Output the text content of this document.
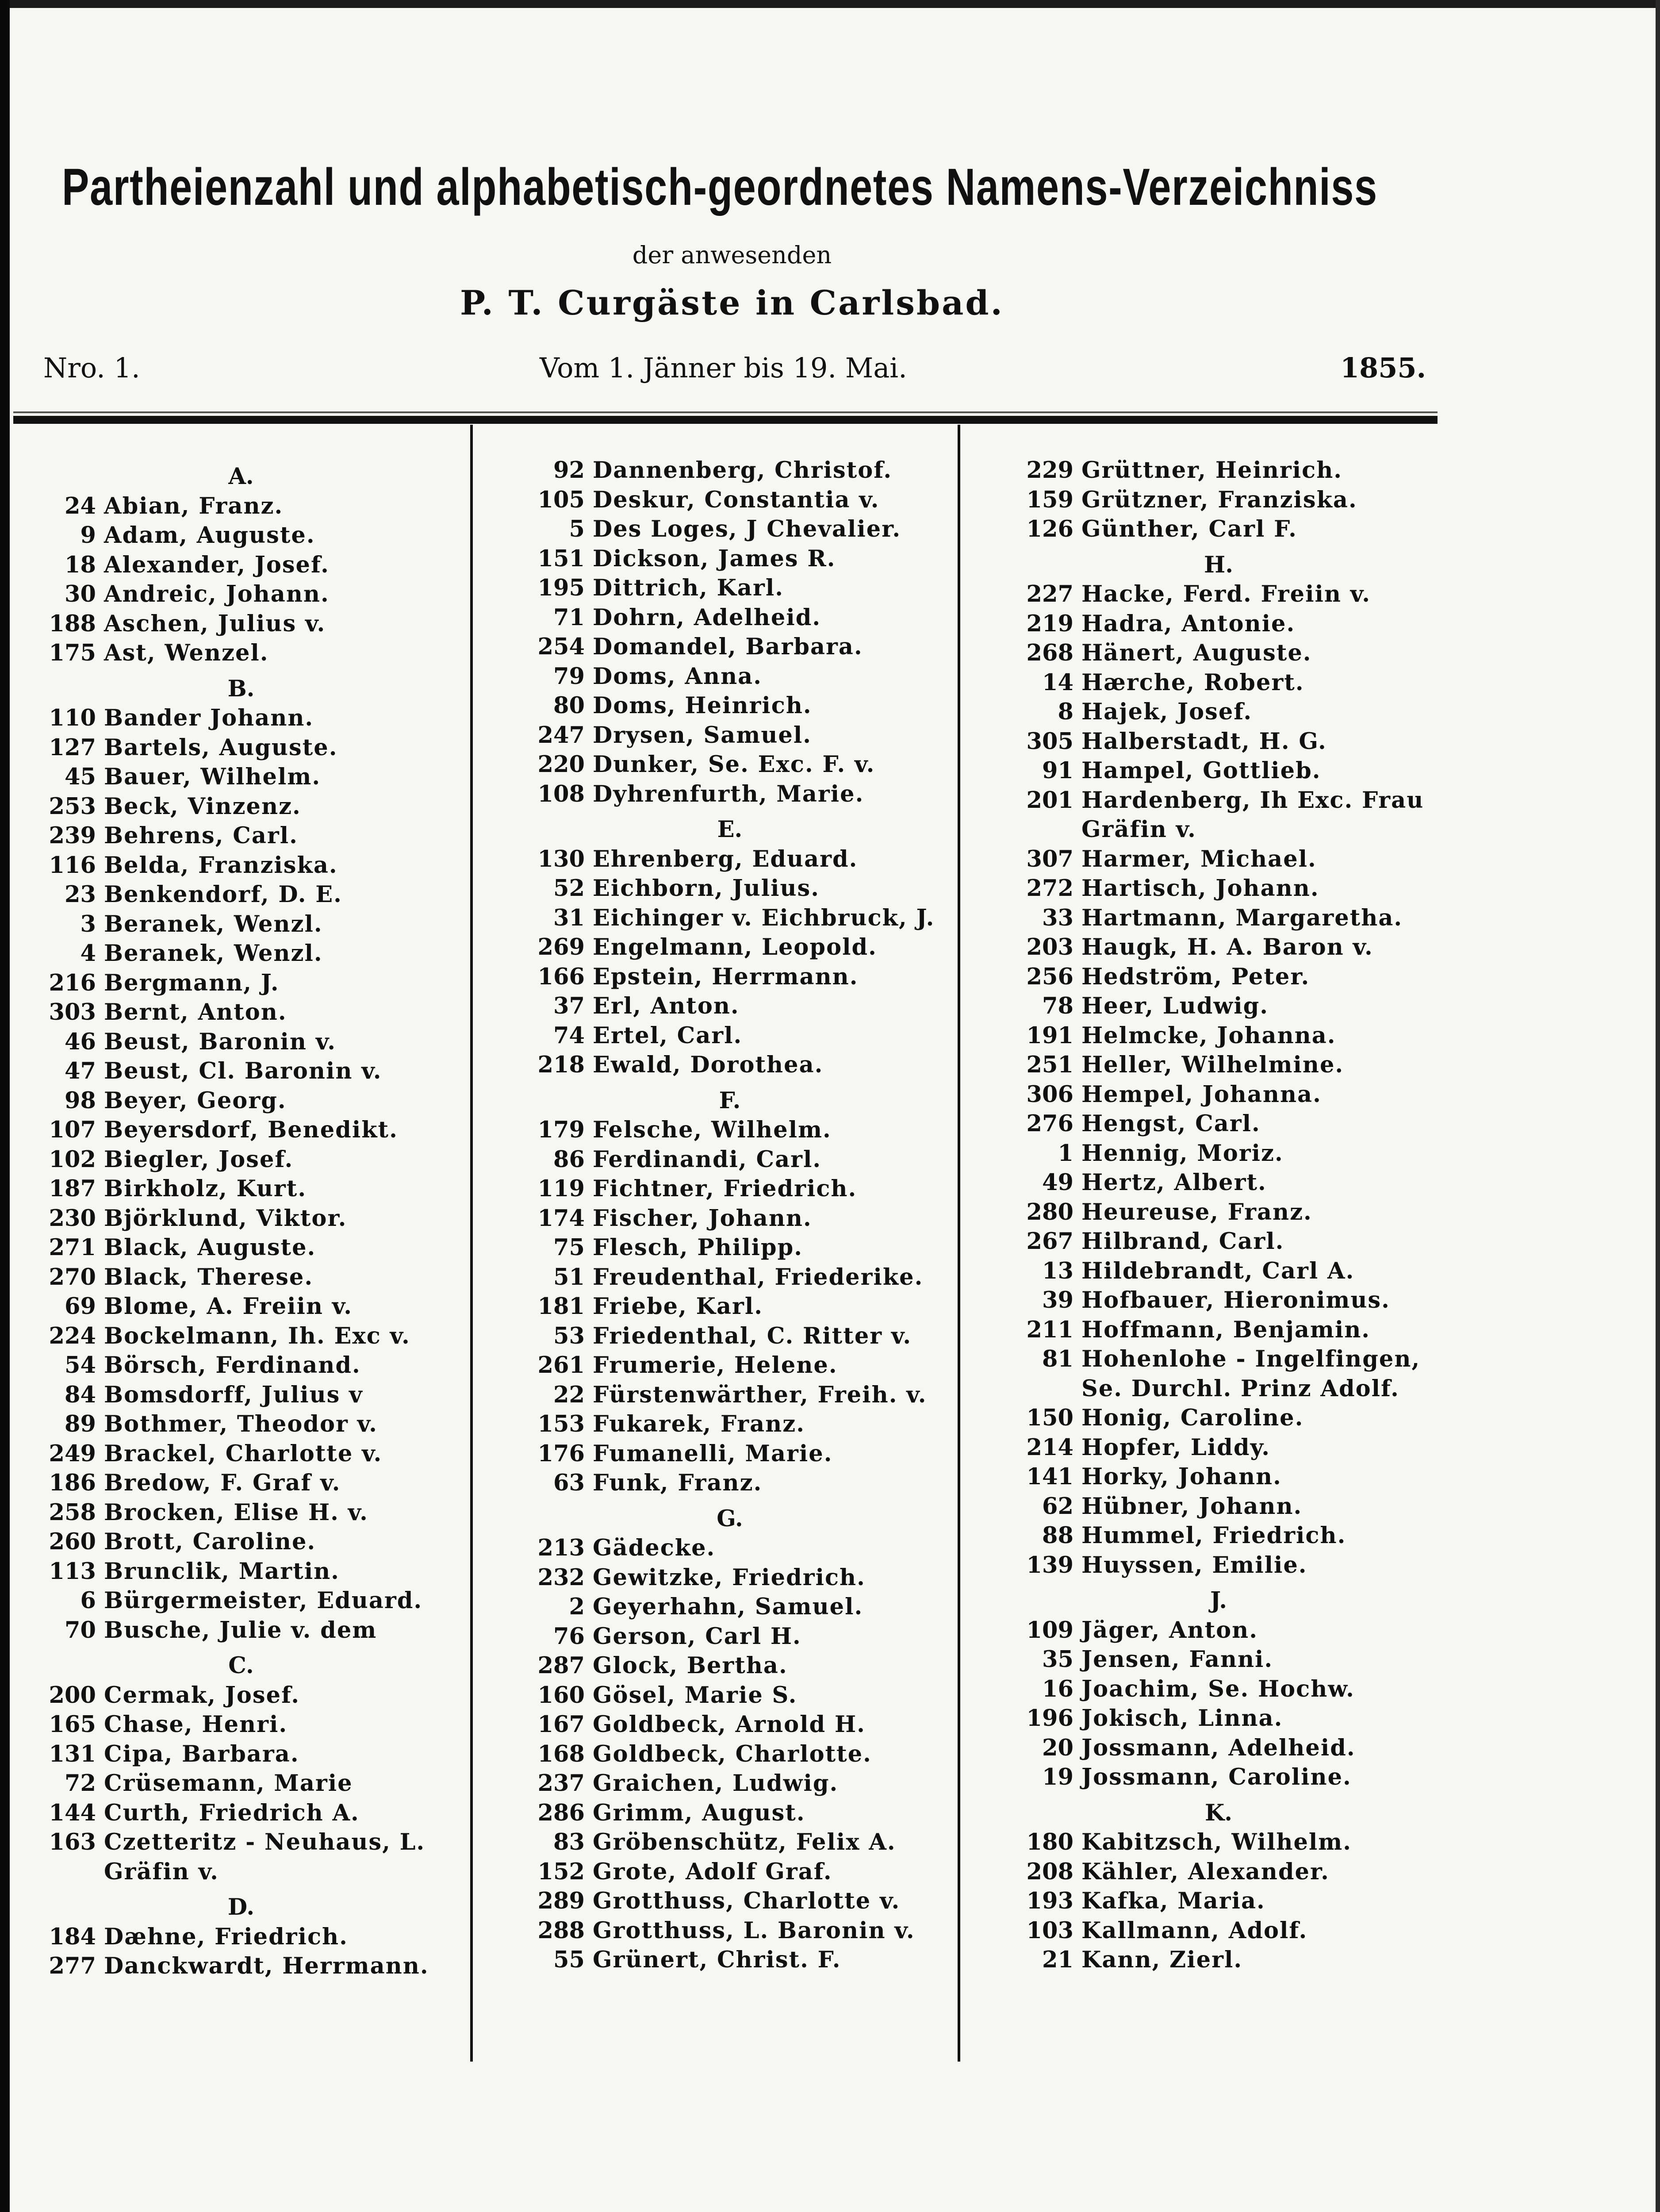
Partheienzahl und alphabetisch-geordnetes Namens-Verzeichniss
der anwesenden
P. T. Curgäste in Carlsbad.
Nro. 1.	Vom 1. Jänner bis 19. Mai.	1855.
A.
24 Abian, Franz.
9 Adam, Auguste.
18 Alexander, Josef.
30 Andreic, Johann.
188 Aschen, Julius v.
175 Ast, Wenzel.
B.
110 Bander Johann.
127 Bartels, Auguste.
45 Bauer, Wilhelm.
253 Beck, Vinzenz.
239 Behrens, Carl.
116 Belda, Franziska.
23 Benkendorf, D. E.
3 Beranek, Wenzl.
4 Beranek, Wenzl.
216 Bergmann, J.
303 Bernt, Anton.
46 Beust, Baronin v.
47 Beust, Cl. Baronin v.
98 Beyer, Georg.
107 Beyersdorf, Benedikt.
102 Biegler, Josef.
187 Birkholz, Kurt.
230 Björklund, Viktor.
271 Black, Auguste.
270 Black, Therese.
69 Blome, A. Freiin v.
224 Bockelmann, Ih. Exc v.
54 Börsch, Ferdinand.
84 Bomsdorff, Julius v
89 Bothmer, Theodor v.
249 Brackel, Charlotte v.
186 Bredow, F. Graf v.
258 Brocken, Elise H. v.
260 Brott, Caroline.
113 Brunclik, Martin.
6 Bürgermeister, Eduard.
70 Busche, Julie v. dem
C.
200 Cermak, Josef.
165 Chase, Henri.
131 Cipa, Barbara.
72 Crüsemann, Marie
144 Curth, Friedrich A.
163 Czetteritz - Neuhaus, L.
Gräfin v.
D.
184 Dæhne, Friedrich.
277 Danckwardt, Herrmann.
92 Dannenberg, Christof.
105 Deskur, Constantia v.
5 Des Loges, J Chevalier.
151 Dickson, James R.
195 Dittrich, Karl.
71 Dohrn, Adelheid.
254 Domandel, Barbara.
79 Doms, Anna.
80 Doms, Heinrich.
247 Drysen, Samuel.
220 Dunker, Se. Exc. F. v.
108 Dyhrenfurth, Marie.
E.
130 Ehrenberg, Eduard.
52 Eichborn, Julius.
31 Eichinger v. Eichbruck, J.
269 Engelmann, Leopold.
166 Epstein, Herrmann.
37 Erl, Anton.
74 Ertel, Carl.
218 Ewald, Dorothea.
F.
179 Felsche, Wilhelm.
86 Ferdinandi, Carl.
119 Fichtner, Friedrich.
174 Fischer, Johann.
75 Flesch, Philipp.
51 Freudenthal, Friederike.
181 Friebe, Karl.
53 Friedenthal, C. Ritter v.
261 Frumerie, Helene.
22 Fürstenwärther, Freih. v.
153 Fukarek, Franz.
176 Fumanelli, Marie.
63 Funk, Franz.
G.
213 Gädecke.
232 Gewitzke, Friedrich.
2 Geyerhahn, Samuel.
76 Gerson, Carl H.
287 Glock, Bertha.
160 Gösel, Marie S.
167 Goldbeck, Arnold H.
168 Goldbeck, Charlotte.
237 Graichen, Ludwig.
286 Grimm, August.
83 Gröbenschütz, Felix A.
152 Grote, Adolf Graf.
289 Grotthuss, Charlotte v.
288 Grotthuss, L. Baronin v.
55 Grünert, Christ. F.
229 Grüttner, Heinrich.
159 Grützner, Franziska.
126 Günther, Carl F.
H.
227 Hacke, Ferd. Freiin v.
219 Hadra, Antonie.
268 Hänert, Auguste.
14 Hærche, Robert.
8 Hajek, Josef.
305 Halberstadt, H. G.
91 Hampel, Gottlieb.
201 Hardenberg, Ih Exc. Frau
Gräfin v.
307 Harmer, Michael.
272 Hartisch, Johann.
33 Hartmann, Margaretha.
203 Haugk, H. A. Baron v.
256 Hedström, Peter.
78 Heer, Ludwig.
191 Helmcke, Johanna.
251 Heller, Wilhelmine.
306 Hempel, Johanna.
276 Hengst, Carl.
1 Hennig, Moriz.
49 Hertz, Albert.
280 Heureuse, Franz.
267 Hilbrand, Carl.
13 Hildebrandt, Carl A.
39 Hofbauer, Hieronimus.
211 Hoffmann, Benjamin.
81 Hohenlohe - Ingelfingen,
Se. Durchl. Prinz Adolf.
150 Honig, Caroline.
214 Hopfer, Liddy.
141 Horky, Johann.
62 Hübner, Johann.
88 Hummel, Friedrich.
139 Huyssen, Emilie.
J.
109 Jäger, Anton.
35 Jensen, Fanni.
16 Joachim, Se. Hochw.
196 Jokisch, Linna.
20 Jossmann, Adelheid.
19 Jossmann, Caroline.
K.
180 Kabitzsch, Wilhelm.
208 Kähler, Alexander.
193 Kafka, Maria.
103 Kallmann, Adolf.
21 Kann, Zierl.
